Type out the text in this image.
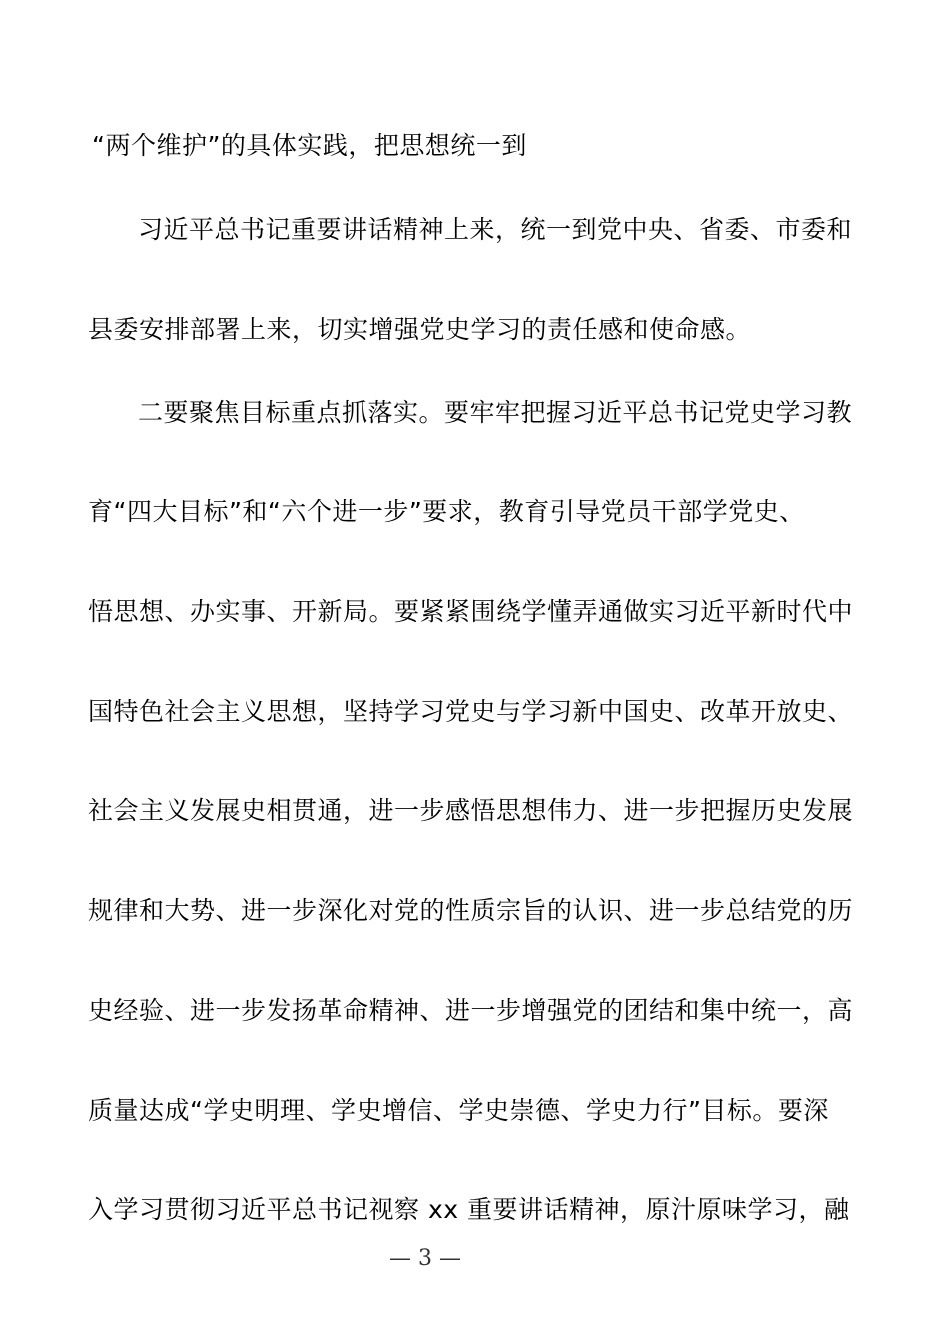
“两个维护”的具体实践，把思想统一到
习近平总书记重要讲话精神上来，统一到党中央、省委、市委和
县委安排部署上来，切实增强党史学习的责任感和使命感。
二要聚焦目标重点抓落实。要牢牢把握习近平总书记党史学习教
育“四大目标”和“六个进一步”要求，教育引导党员干部学党史、
悟思想、办实事、开新局。要紧紧围绕学懂弄通做实习近平新时代中
国特色社会主义思想，坚持学习党史与学习新中国史、改革开放史、
社会主义发展史相贯通，进一步感悟思想伟力、进一步把握历史发展
规律和大势、进一步深化对党的性质宗旨的认识、进一步总结党的历
史经验、进一步发扬革命精神、进一步增强党的团结和集中统一，高
质量达成“学史明理、学史增信、学史崇德、学史力行”目标。要深
入学习贯彻习近平总书记视察 xx 重要讲话精神，原汁原味学习，融
— 3 —
